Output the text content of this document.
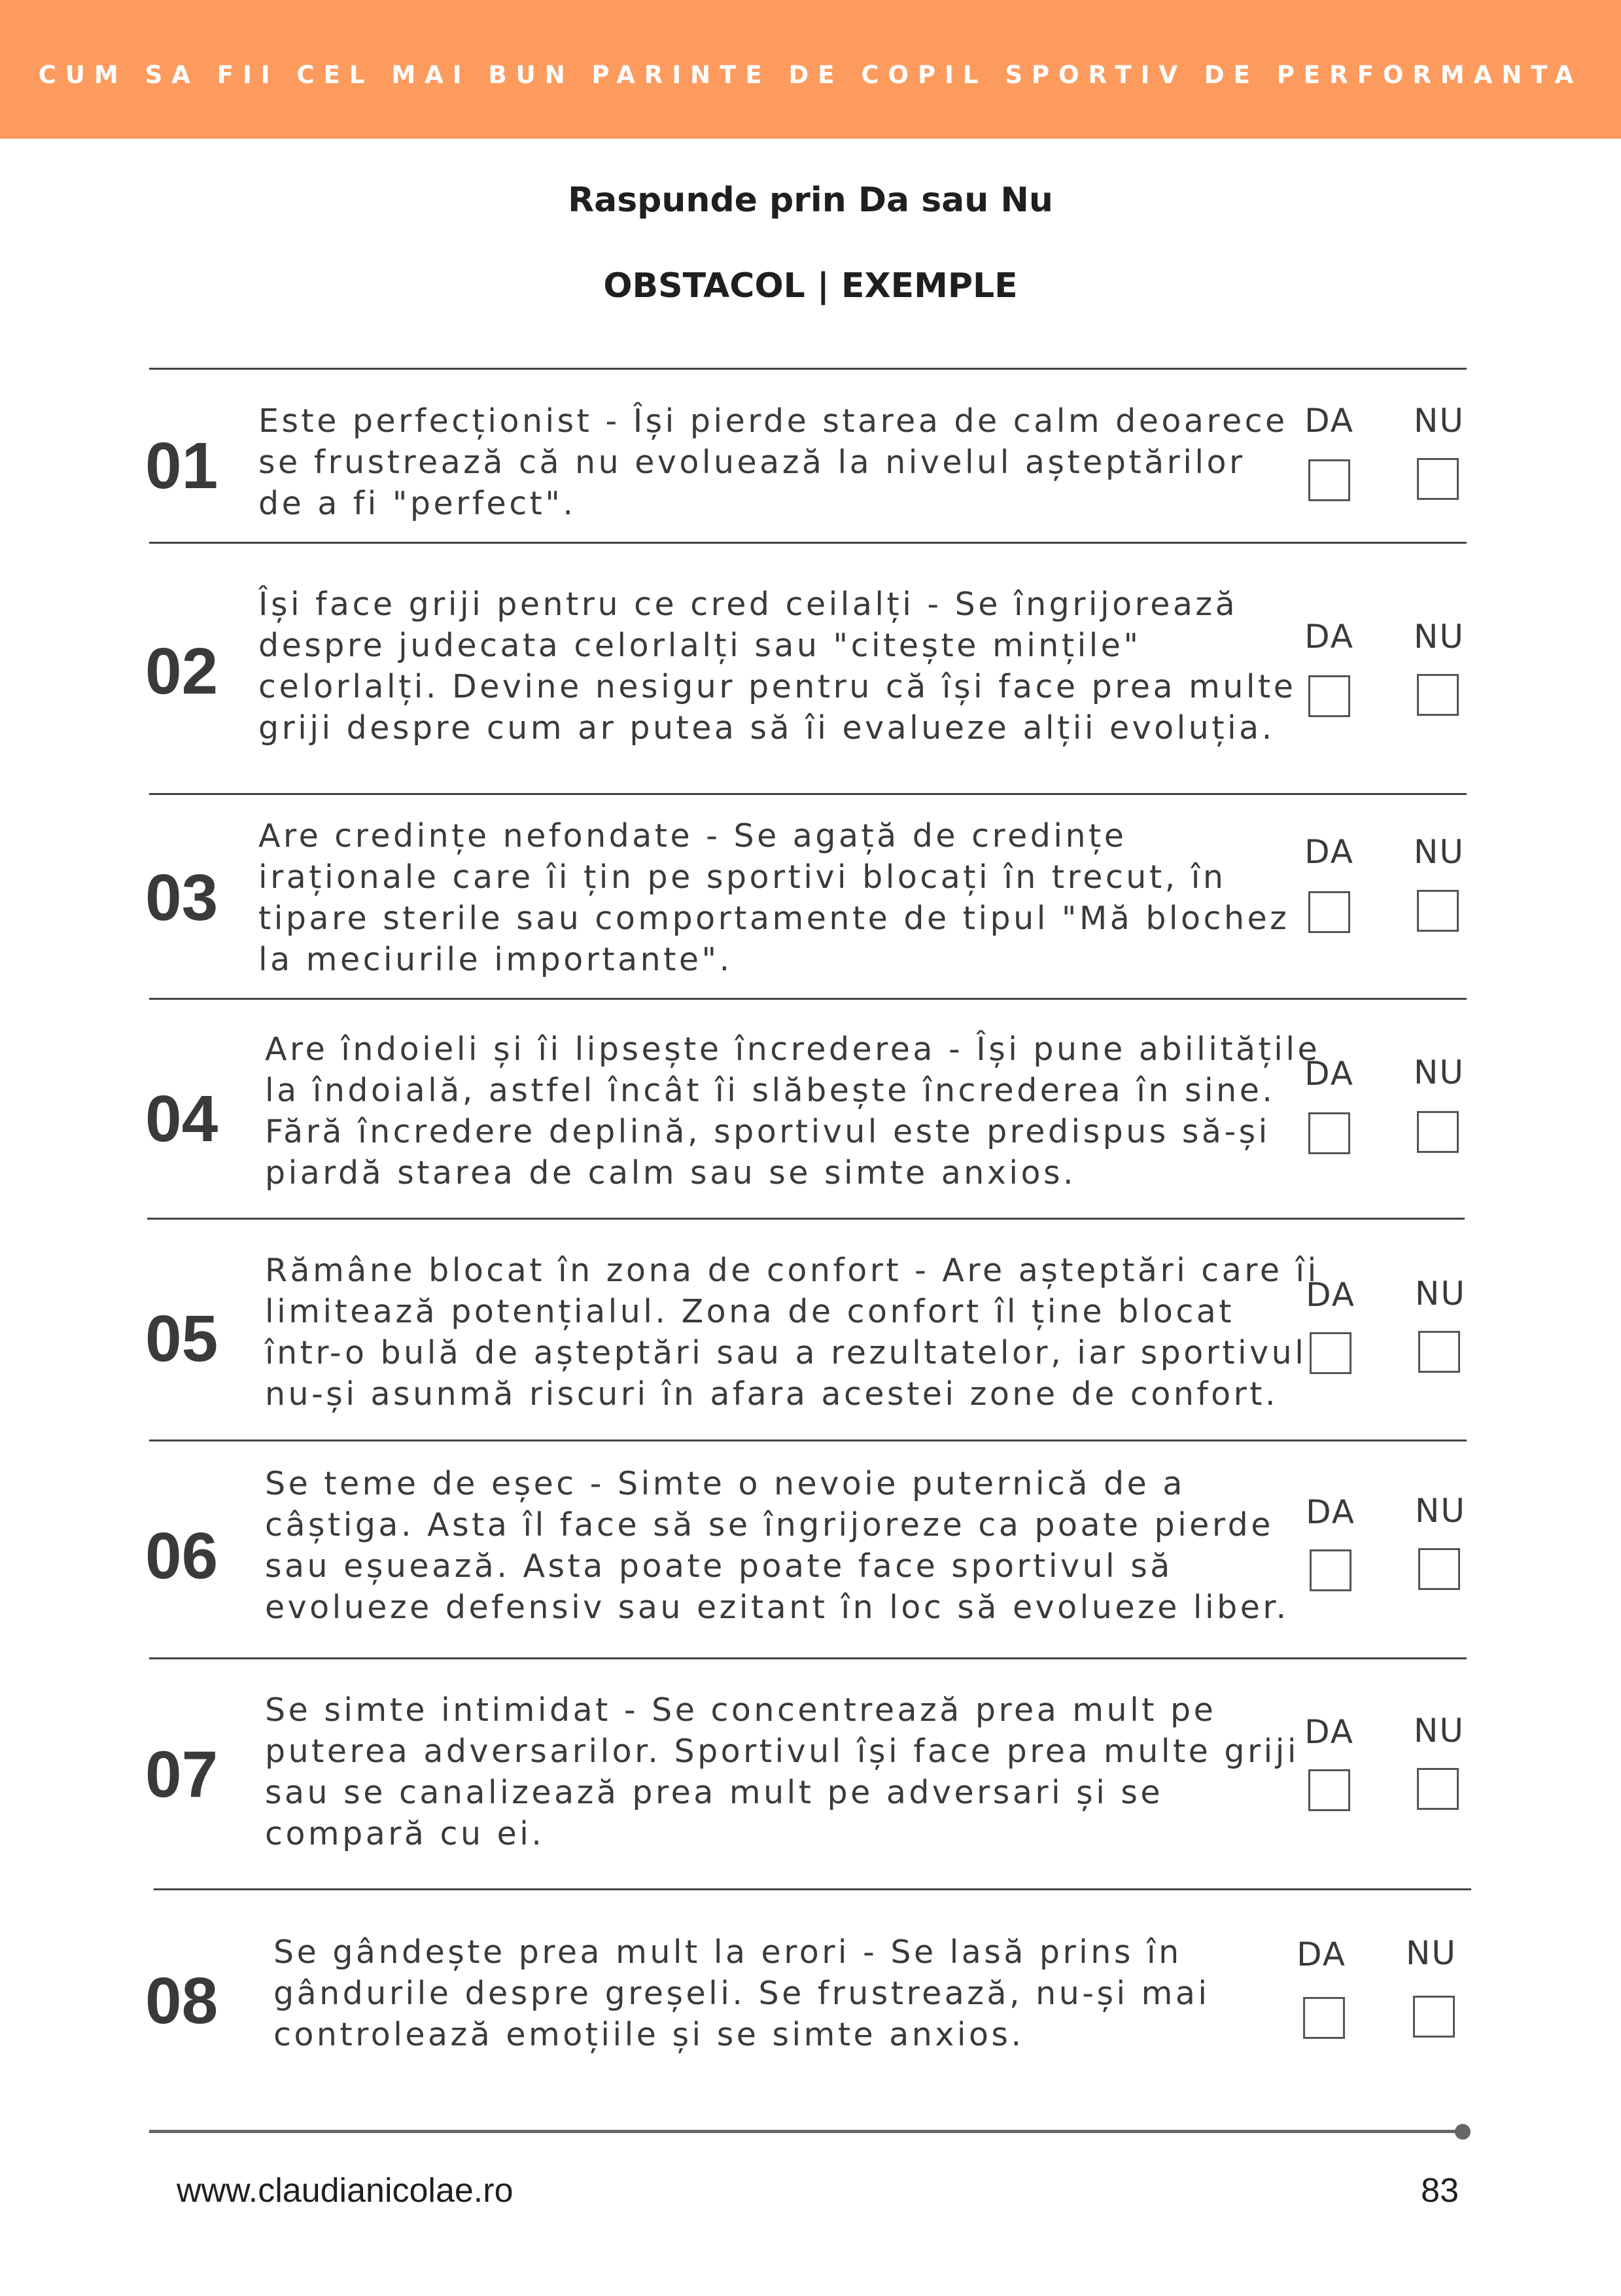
CUM SA FII CEL MAI BUN PARINTE DE COPIL SPORTIV DE PERFORMANTA
Raspunde prin Da sau Nu
OBSTACOL | EXEMPLE
01
Este perfecționist - Își pierde starea de calm deoarece
se frustrează că nu evoluează la nivelul așteptărilor
de a fi "perfect".
DA	NU
02
Își face griji pentru ce cred ceilalți - Se îngrijorează
despre judecata celorlalți sau "citește mințile"
celorlalți. Devine nesigur pentru că își face prea multe
griji despre cum ar putea să îi evalueze alții evoluția.
DA	NU
03
Are credințe nefondate - Se agață de credințe
iraționale care îi țin pe sportivi blocați în trecut, în
tipare sterile sau comportamente de tipul "Mă blochez
la meciurile importante".
DA	NU
04
Are îndoieli și îi lipsește încrederea - Își pune abilitățile
la îndoială, astfel încât îi slăbește încrederea în sine.
Fără încredere deplină, sportivul este predispus să-și
piardă starea de calm sau se simte anxios.
DA	NU
05
Rămâne blocat în zona de confort - Are așteptări care îi
limitează potențialul. Zona de confort îl ține blocat
într-o bulă de așteptări sau a rezultatelor, iar sportivul
nu-și asunmă riscuri în afara acestei zone de confort.
DA	NU
06
Se teme de eșec - Simte o nevoie puternică de a
câștiga. Asta îl face să se îngrijoreze ca poate pierde
sau eșuează. Asta poate poate face sportivul să
evolueze defensiv sau ezitant în loc să evolueze liber.
DA	NU
07
Se simte intimidat - Se concentrează prea mult pe
puterea adversarilor. Sportivul își face prea multe griji
sau se canalizează prea mult pe adversari și se
compară cu ei.
DA	NU
08
Se gândește prea mult la erori - Se lasă prins în
gândurile despre greșeli. Se frustrează, nu-și mai
controlează emoțiile și se simte anxios.
DA	NU
www.claudianicolae.ro	83
